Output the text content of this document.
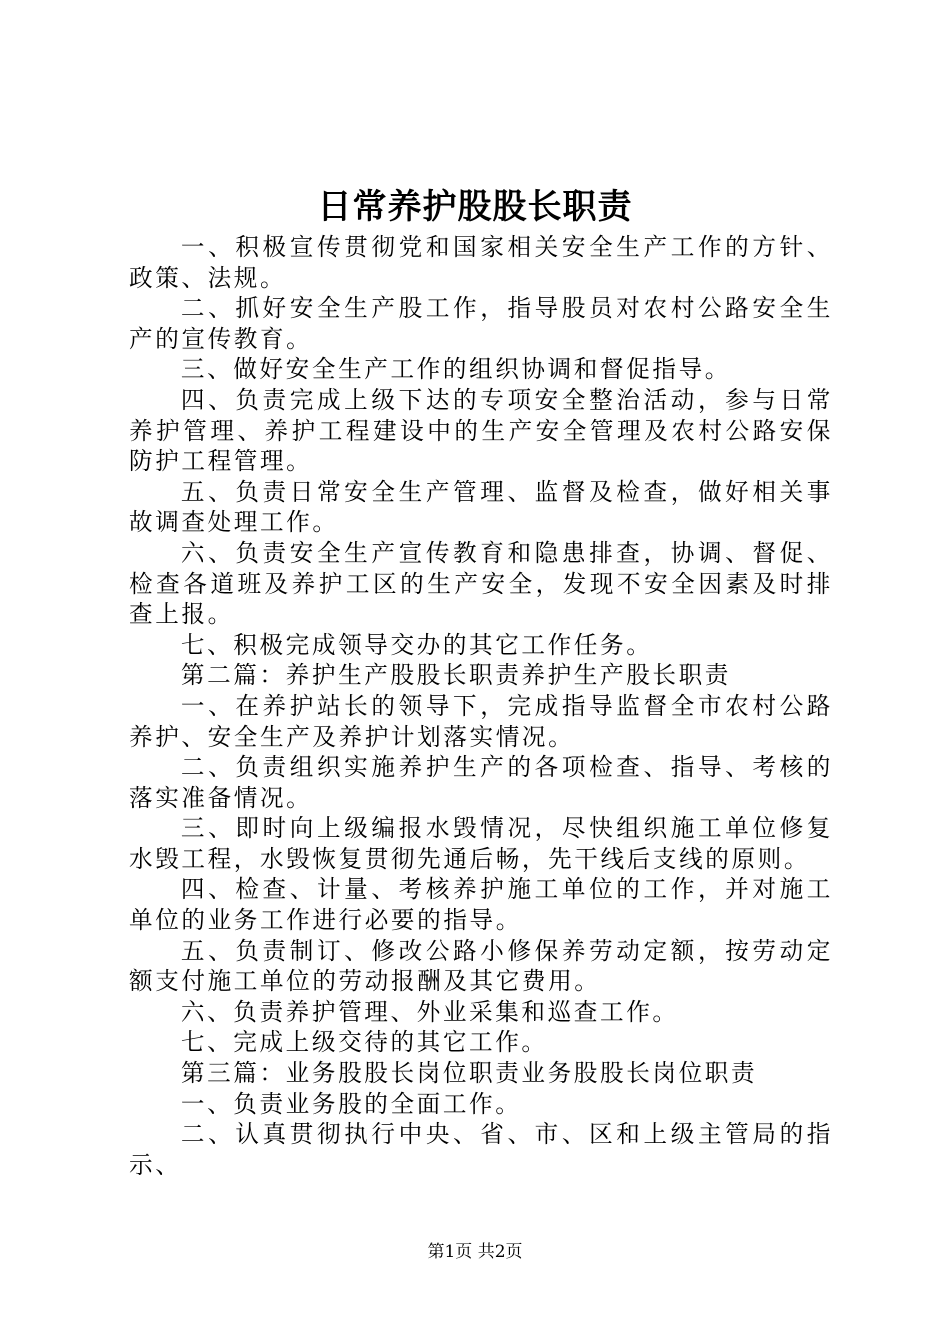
日常养护股股长职责

一、积极宣传贯彻党和国家相关安全生产工作的方针、政策、法规。

二、抓好安全生产股工作，指导股员对农村公路安全生产的宣传教育。

三、做好安全生产工作的组织协调和督促指导。

四、负责完成上级下达的专项安全整治活动，参与日常养护管理、养护工程建设中的生产安全管理及农村公路安保防护工程管理。

五、负责日常安全生产管理、监督及检查，做好相关事故调查处理工作。

六、负责安全生产宣传教育和隐患排查，协调、督促、检查各道班及养护工区的生产安全，发现不安全因素及时排查上报。

七、积极完成领导交办的其它工作任务。

第二篇：养护生产股股长职责养护生产股长职责

一、在养护站长的领导下，完成指导监督全市农村公路养护、安全生产及养护计划落实情况。

二、负责组织实施养护生产的各项检查、指导、考核的落实准备情况。

三、即时向上级编报水毁情况，尽快组织施工单位修复水毁工程，水毁恢复贯彻先通后畅，先干线后支线的原则。

四、检查、计量、考核养护施工单位的工作，并对施工单位的业务工作进行必要的指导。

五、负责制订、修改公路小修保养劳动定额，按劳动定额支付施工单位的劳动报酬及其它费用。

六、负责养护管理、外业采集和巡查工作。

七、完成上级交待的其它工作。

第三篇：业务股股长岗位职责业务股股长岗位职责

一、负责业务股的全面工作。

二、认真贯彻执行中央、省、市、区和上级主管局的指示、

第1页 共2页
